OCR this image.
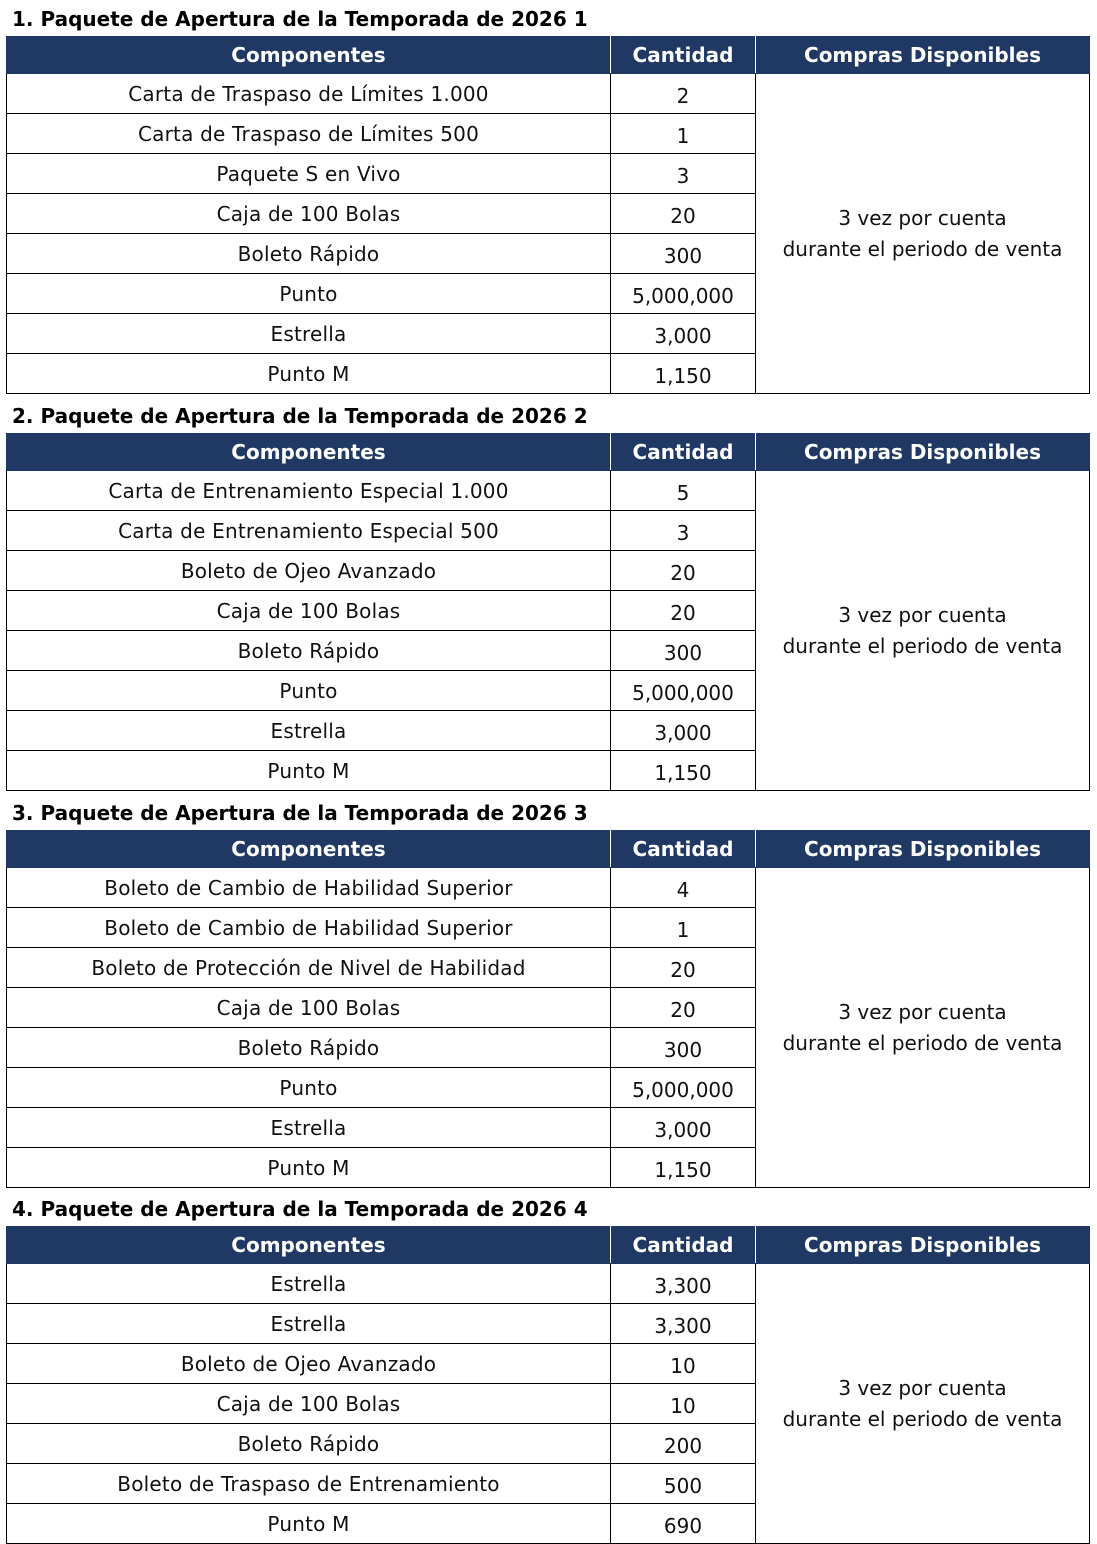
1. Paquete de Apertura de la Temporada de 2026 1
Componentes	Cantidad	Compras Disponibles
Carta de Traspaso de Límites 1.000	2	3 vez por cuenta
durante el periodo de venta
Carta de Traspaso de Límites 500	1	
Paquete S en Vivo	3	
Caja de 100 Bolas	20	
Boleto Rápido	300	
Punto	5,000,000	
Estrella	3,000	
Punto M	1,150	
2. Paquete de Apertura de la Temporada de 2026 2
Componentes	Cantidad	Compras Disponibles
Carta de Entrenamiento Especial 1.000	5	3 vez por cuenta
durante el periodo de venta
Carta de Entrenamiento Especial 500	3	
Boleto de Ojeo Avanzado	20	
Caja de 100 Bolas	20	
Boleto Rápido	300	
Punto	5,000,000	
Estrella	3,000	
Punto M	1,150	
3. Paquete de Apertura de la Temporada de 2026 3
Componentes	Cantidad	Compras Disponibles
Boleto de Cambio de Habilidad Superior	4	3 vez por cuenta
durante el periodo de venta
Boleto de Cambio de Habilidad Superior	1	
Boleto de Protección de Nivel de Habilidad	20	
Caja de 100 Bolas	20	
Boleto Rápido	300	
Punto	5,000,000	
Estrella	3,000	
Punto M	1,150	
4. Paquete de Apertura de la Temporada de 2026 4
Componentes	Cantidad	Compras Disponibles
Estrella	3,300	3 vez por cuenta
durante el periodo de venta
Estrella	3,300	
Boleto de Ojeo Avanzado	10	
Caja de 100 Bolas	10	
Boleto Rápido	200	
Boleto de Traspaso de Entrenamiento	500	
Punto M	690	
